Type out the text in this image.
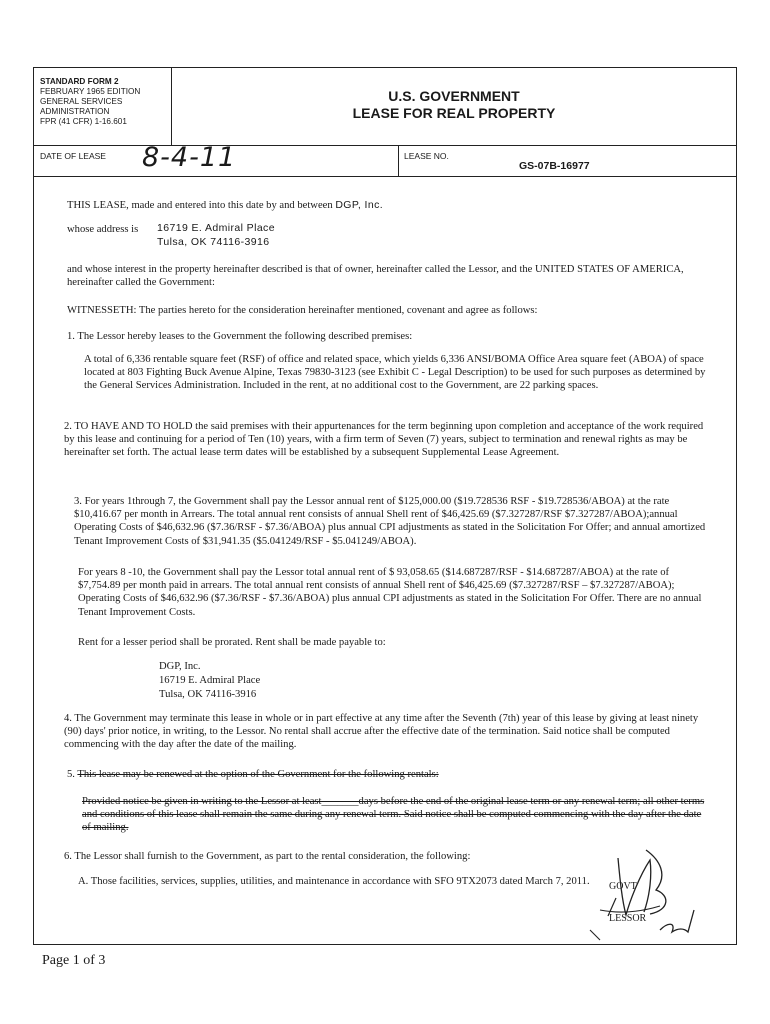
STANDARD FORM 2
FEBRUARY 1965 EDITION
GENERAL SERVICES
ADMINISTRATION
FPR (41 CFR) 1-16.601
U.S. GOVERNMENT
LEASE FOR REAL PROPERTY
DATE OF LEASE 8-4-11	LEASE NO.
GS-07B-16977

THIS LEASE, made and entered into this date by and between DGP, Inc.

whose address is 16719 E. Admiral Place
Tulsa, OK 74116-3916

and whose interest in the property hereinafter described is that of owner, hereinafter called the Lessor, and the UNITED STATES OF AMERICA, hereinafter called the Government:

WITNESSETH: The parties hereto for the consideration hereinafter mentioned, covenant and agree as follows:

1. The Lessor hereby leases to the Government the following described premises:

A total of 6,336 rentable square feet (RSF) of office and related space, which yields 6,336 ANSI/BOMA Office Area square feet (ABOA) of space located at 803 Fighting Buck Avenue Alpine, Texas 79830-3123 (see Exhibit C - Legal Description) to be used for such purposes as determined by the General Services Administration. Included in the rent, at no additional cost to the Government, are 22 parking spaces.

2. TO HAVE AND TO HOLD the said premises with their appurtenances for the term beginning upon completion and acceptance of the work required by this lease and continuing for a period of Ten (10) years, with a firm term of Seven (7) years, subject to termination and renewal rights as may be hereinafter set forth. The actual lease term dates will be established by a subsequent Supplemental Lease Agreement.

3. For years 1through 7, the Government shall pay the Lessor annual rent of $125,000.00 ($19.728536 RSF - $19.728536/ABOA) at the rate $10,416.67 per month in Arrears. The total annual rent consists of annual Shell rent of $46,425.69 ($7.327287/RSF $7.327287/ABOA);annual Operating Costs of $46,632.96 ($7.36/RSF - $7.36/ABOA) plus annual CPI adjustments as stated in the Solicitation For Offer; and annual amortized Tenant Improvement Costs of $31,941.35 ($5.041249/RSF - $5.041249/ABOA).

For years 8 -10, the Government shall pay the Lessor total annual rent of $ 93,058.65 ($14.687287/RSF - $14.687287/ABOA) at the rate of $7,754.89 per month paid in arrears. The total annual rent consists of annual Shell rent of $46,425.69 ($7.327287/RSF – $7.327287/ABOA); Operating Costs of $46,632.96 ($7.36/RSF - $7.36/ABOA) plus annual CPI adjustments as stated in the Solicitation For Offer. There are no annual Tenant Improvement Costs.

Rent for a lesser period shall be prorated. Rent shall be made payable to:

DGP, Inc.
16719 E. Admiral Place
Tulsa, OK 74116-3916

4. The Government may terminate this lease in whole or in part effective at any time after the Seventh (7th) year of this lease by giving at least ninety (90) days' prior notice, in writing, to the Lessor. No rental shall accrue after the effective date of the termination. Said notice shall be computed commencing with the day after the date of the mailing.

5. This lease may be renewed at the option of the Government for the following rentals:

Provided notice be given in writing to the Lessor at least_______days before the end of the original lease term or any renewal term; all other terms and conditions of this lease shall remain the same during any renewal term. Said notice shall be computed commencing with the day after the date of mailing.

6. The Lessor shall furnish to the Government, as part to the rental consideration, the following:

A. Those facilities, services, supplies, utilities, and maintenance in accordance with SFO 9TX2073 dated March 7, 2011.	GOVT
LESSOR
Page 1 of 3
